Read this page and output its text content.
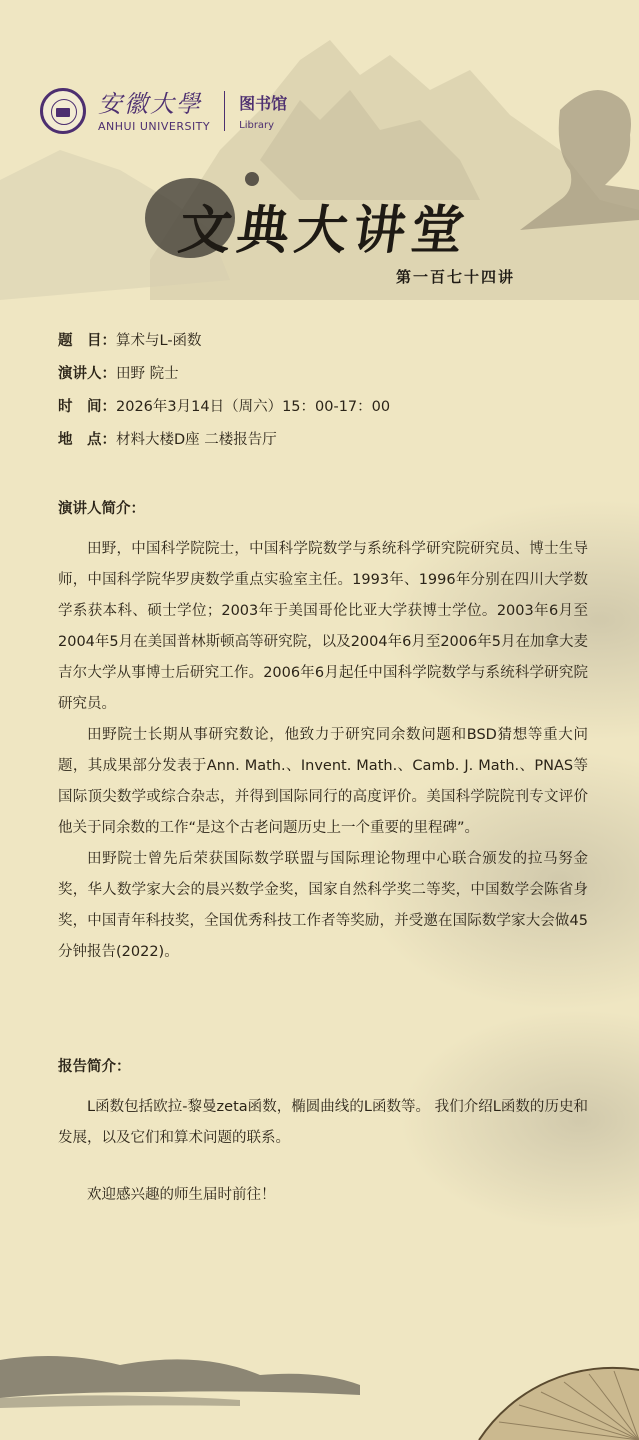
安徽大學
ANHUI UNIVERSITY
图书馆
Library
文典大讲堂
第一百七十四讲
题　目：算术与L-函数
演讲人：田野 院士
时　间：2026年3月14日（周六）15：00-17：00
地　点：材料大楼D座 二楼报告厅
演讲人简介：

田野，中国科学院院士，中国科学院数学与系统科学研究院研究员、博士生导师，中国科学院华罗庚数学重点实验室主任。1993年、1996年分别在四川大学数学系获本科、硕士学位；2003年于美国哥伦比亚大学获博士学位。2003年6月至2004年5月在美国普林斯顿高等研究院，以及2004年6月至2006年5月在加拿大麦吉尔大学从事博士后研究工作。2006年6月起任中国科学院数学与系统科学研究院研究员。

田野院士长期从事研究数论，他致力于研究同余数问题和BSD猜想等重大问题，其成果部分发表于Ann. Math.、Invent. Math.、Camb. J. Math.、PNAS等国际顶尖数学或综合杂志，并得到国际同行的高度评价。美国科学院院刊专文评价他关于同余数的工作“是这个古老问题历史上一个重要的里程碑”。

田野院士曾先后荣获国际数学联盟与国际理论物理中心联合颁发的拉马努金奖，华人数学家大会的晨兴数学金奖，国家自然科学奖二等奖，中国数学会陈省身奖，中国青年科技奖，全国优秀科技工作者等奖励，并受邀在国际数学家大会做45分钟报告(2022)。

报告简介：

L函数包括欧拉-黎曼zeta函数，椭圆曲线的L函数等。 我们介绍L函数的历史和发展，以及它们和算术问题的联系。

欢迎感兴趣的师生届时前往！
